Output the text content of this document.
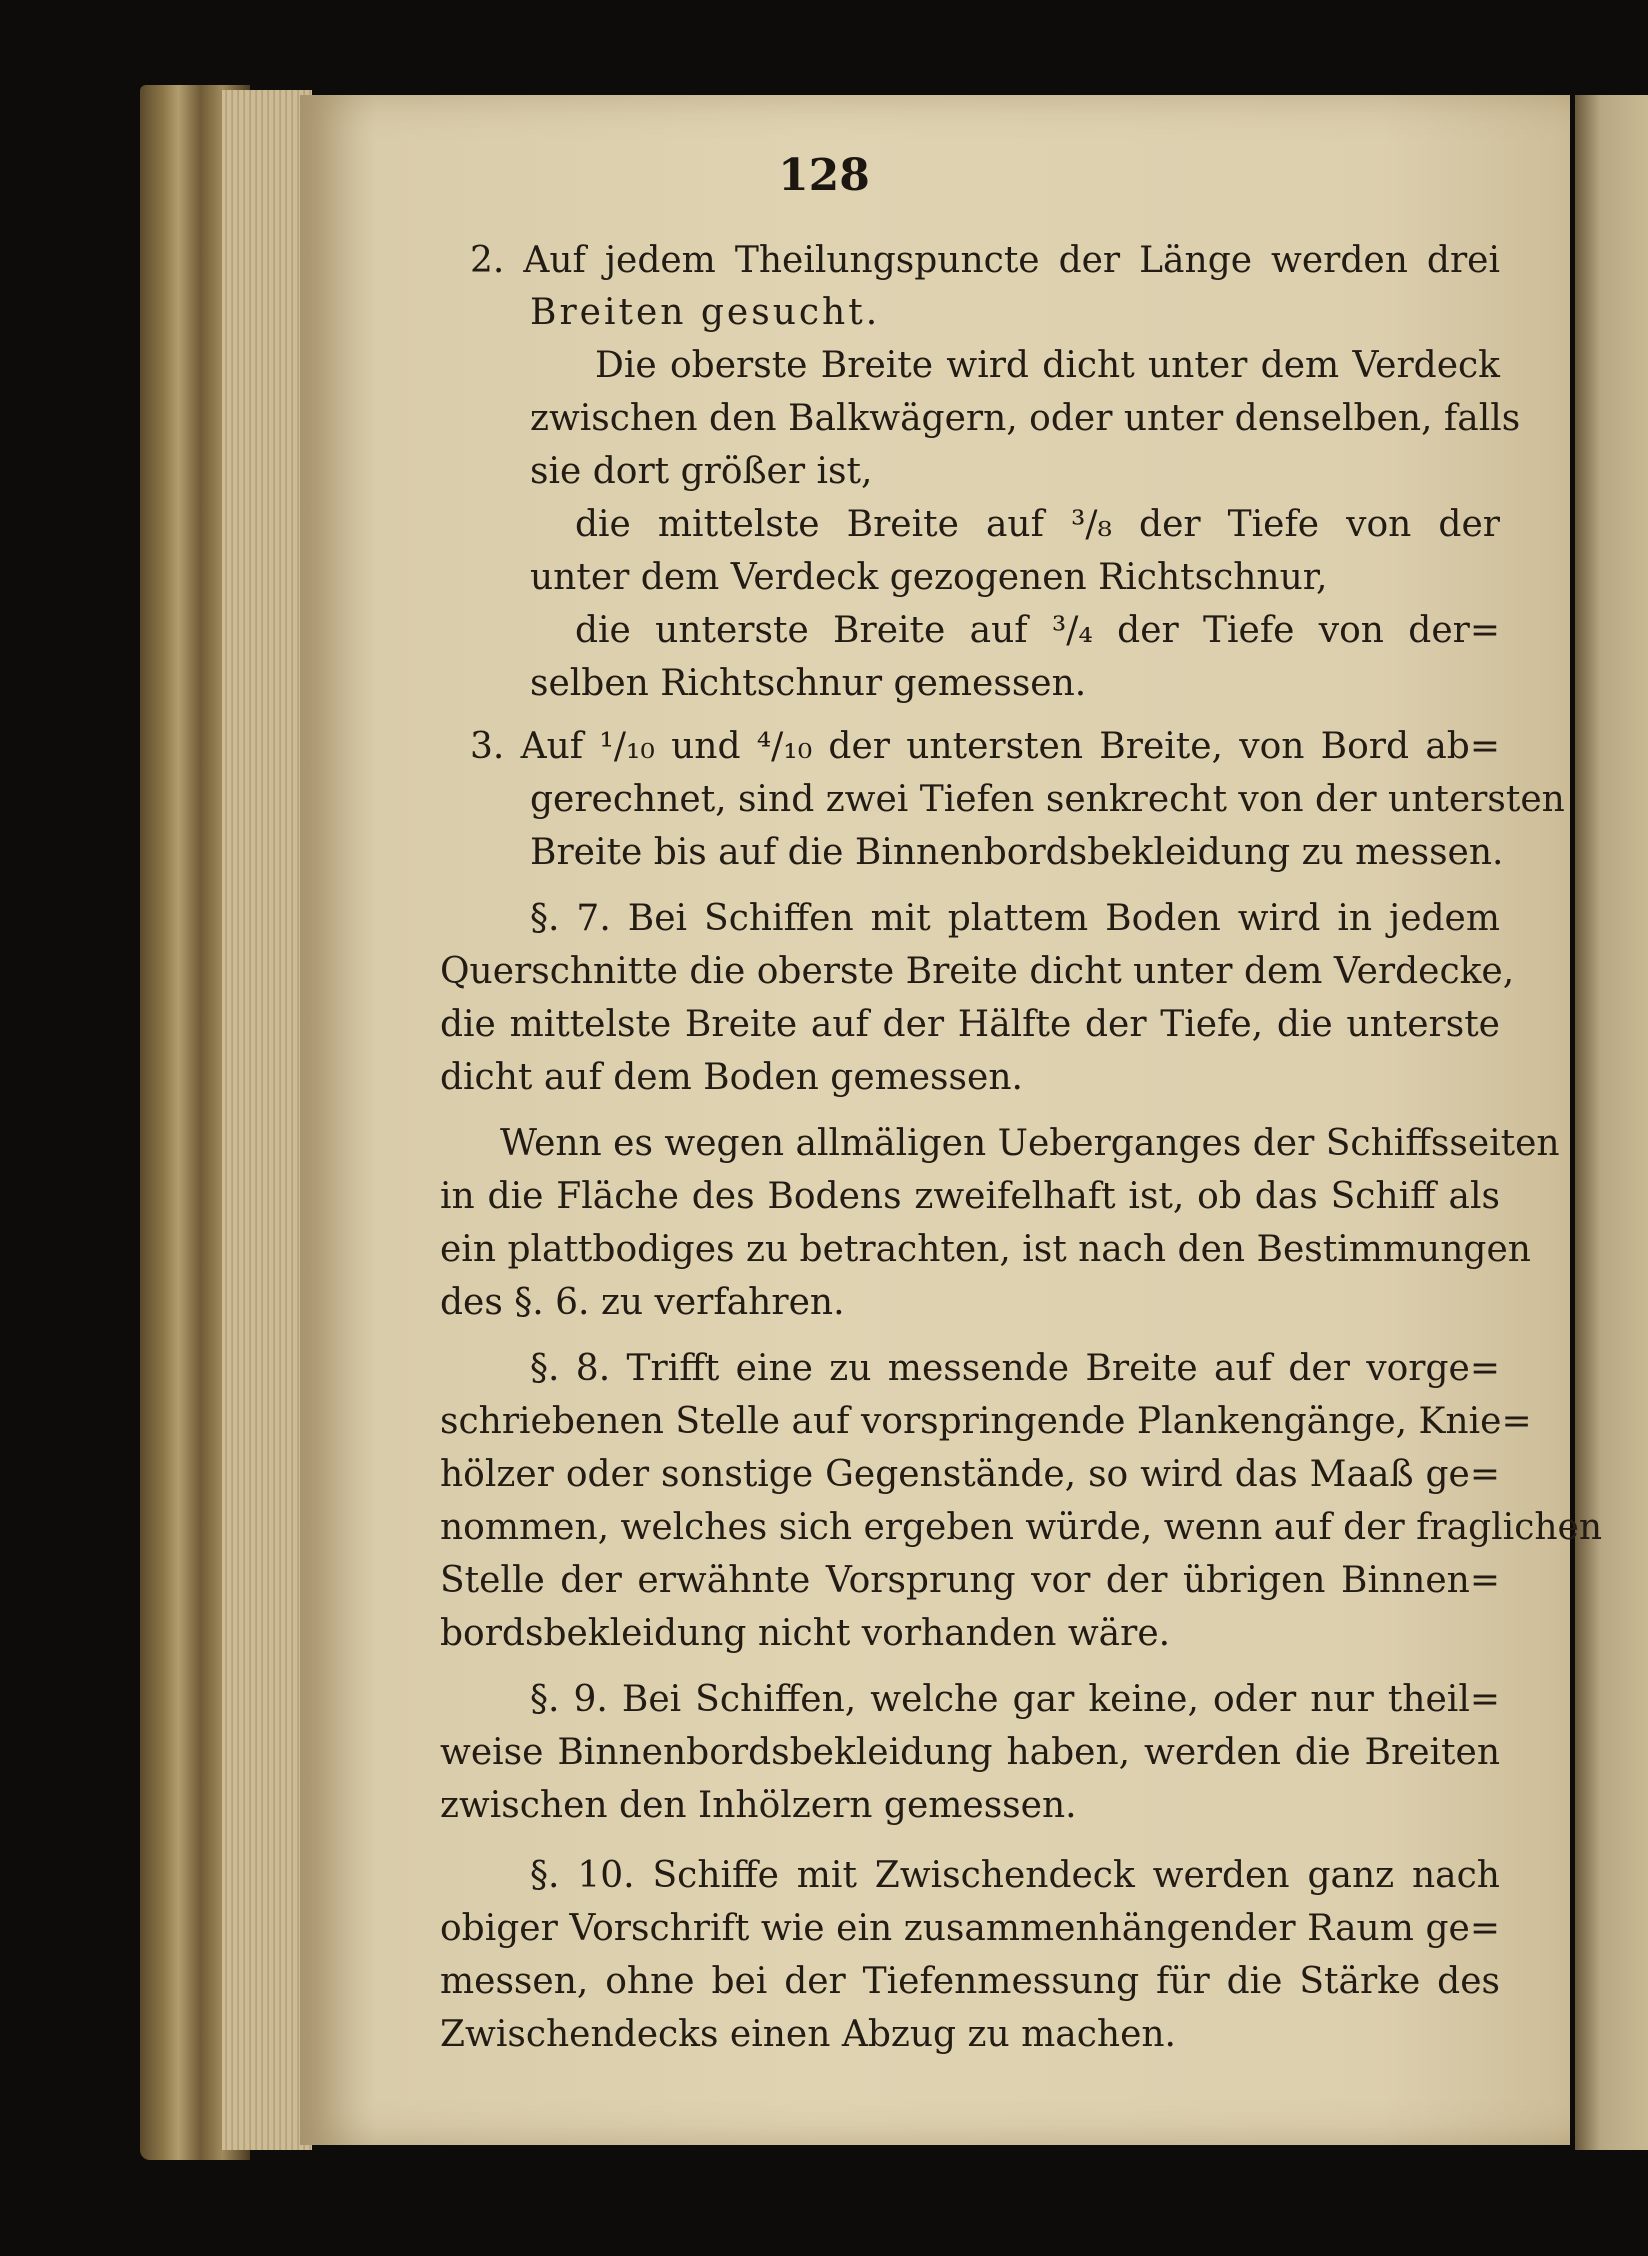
128
2. Auf jedem Theilungspuncte der Länge werden drei
Breiten gesucht.
Die oberste Breite wird dicht unter dem Verdeck
zwischen den Balkwägern, oder unter denselben, falls
sie dort größer ist,
die mittelste Breite auf ³/₈ der Tiefe von der
unter dem Verdeck gezogenen Richtschnur,
die unterste Breite auf ³/₄ der Tiefe von der=
selben Richtschnur gemessen.
3. Auf ¹/₁₀ und ⁴/₁₀ der untersten Breite, von Bord ab=
gerechnet, sind zwei Tiefen senkrecht von der untersten
Breite bis auf die Binnenbordsbekleidung zu messen.
§. 7. Bei Schiffen mit plattem Boden wird in jedem
Querschnitte die oberste Breite dicht unter dem Verdecke,
die mittelste Breite auf der Hälfte der Tiefe, die unterste
dicht auf dem Boden gemessen.
Wenn es wegen allmäligen Ueberganges der Schiffsseiten
in die Fläche des Bodens zweifelhaft ist, ob das Schiff als
ein plattbodiges zu betrachten, ist nach den Bestimmungen
des §. 6. zu verfahren.
§. 8. Trifft eine zu messende Breite auf der vorge=
schriebenen Stelle auf vorspringende Plankengänge, Knie=
hölzer oder sonstige Gegenstände, so wird das Maaß ge=
nommen, welches sich ergeben würde, wenn auf der fraglichen
Stelle der erwähnte Vorsprung vor der übrigen Binnen=
bordsbekleidung nicht vorhanden wäre.
§. 9. Bei Schiffen, welche gar keine, oder nur theil=
weise Binnenbordsbekleidung haben, werden die Breiten
zwischen den Inhölzern gemessen.
§. 10. Schiffe mit Zwischendeck werden ganz nach
obiger Vorschrift wie ein zusammenhängender Raum ge=
messen, ohne bei der Tiefenmessung für die Stärke des
Zwischendecks einen Abzug zu machen.
